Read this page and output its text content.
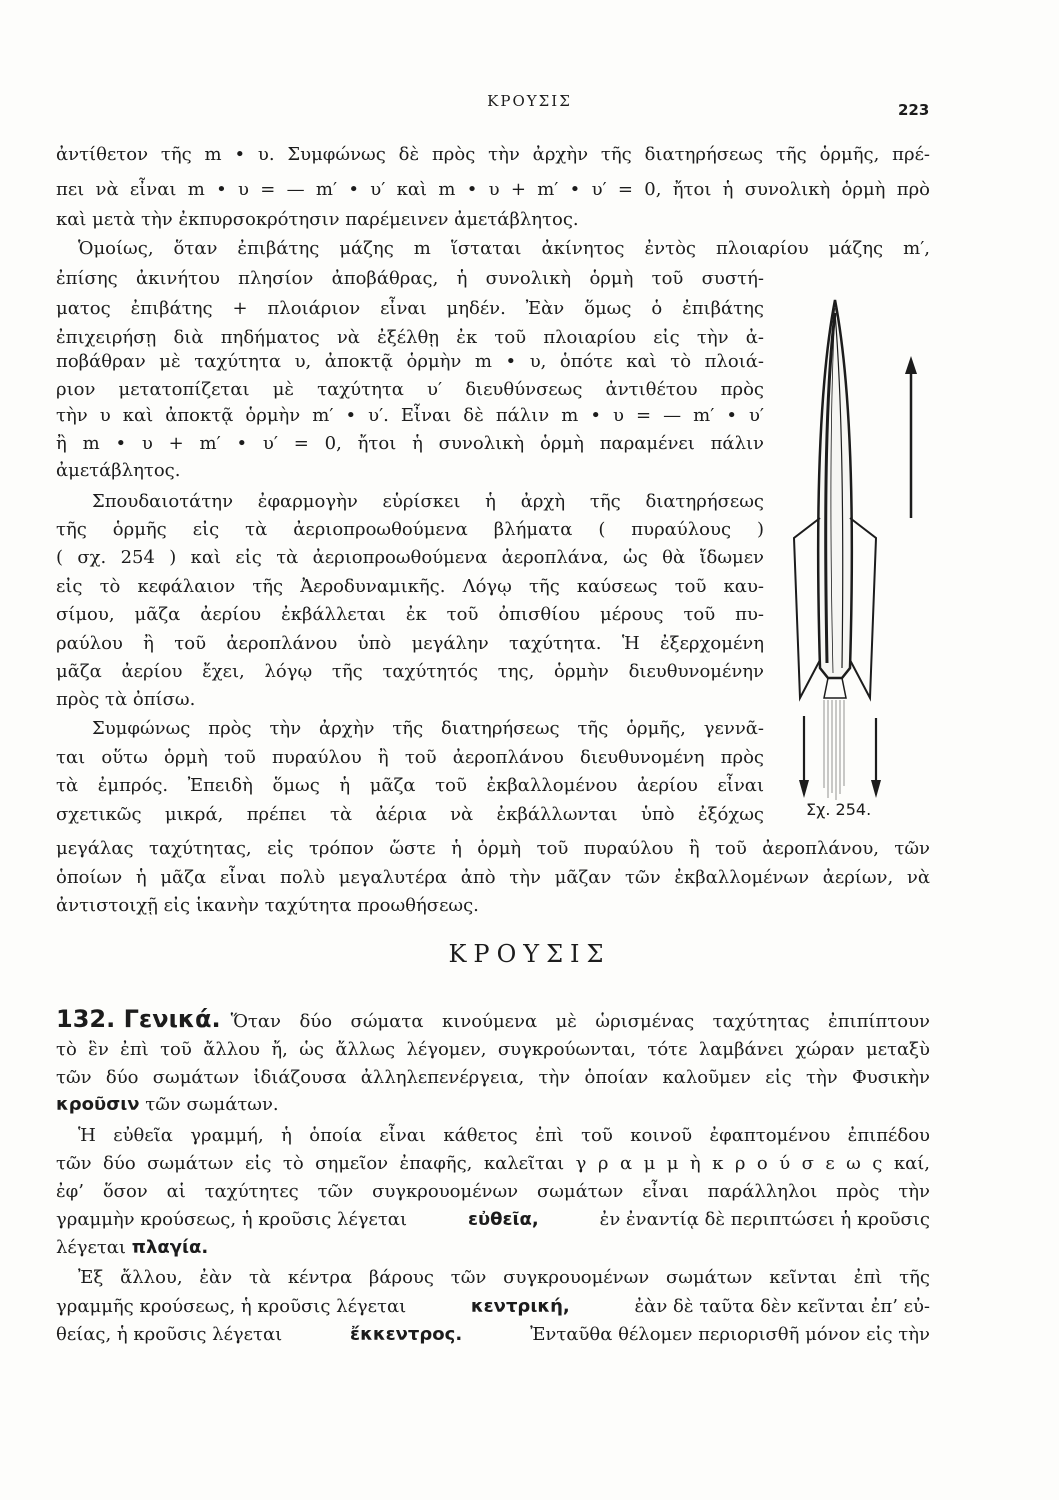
ΚΡΟΥΣΙΣ	223
ἀντίθετον τῆς m • υ. Συμφώνως δὲ πρὸς τὴν ἀρχὴν τῆς διατηρήσεως τῆς ὁρμῆς, πρέ-
πει νὰ εἶναι m • υ = — m′ • υ′ καὶ m • υ + m′ • υ′ = 0, ἤτοι ἡ συνολικὴ ὁρμὴ πρὸ
καὶ μετὰ τὴν ἐκπυρσοκρότησιν παρέμεινεν ἀμετάβλητος.
Ὁμοίως, ὅταν ἐπιβάτης μάζης m ἵσταται ἀκίνητος ἐντὸς πλοιαρίου μάζης m′,
ἐπίσης ἀκινήτου πλησίον ἀποβάθρας, ἡ συνολικὴ ὁρμὴ τοῦ συστή-
ματος ἐπιβάτης + πλοιάριον εἶναι μηδέν. Ἐὰν ὅμως ὁ ἐπιβάτης
ἐπιχειρήσῃ διὰ πηδήματος νὰ ἐξέλθῃ ἐκ τοῦ πλοιαρίου εἰς τὴν ἀ-
ποβάθραν μὲ ταχύτητα υ, ἀποκτᾷ ὁρμὴν m • υ, ὁπότε καὶ τὸ πλοιά-
ριον μετατοπίζεται μὲ ταχύτητα υ′ διευθύνσεως ἀντιθέτου πρὸς
τὴν υ καὶ ἀποκτᾷ ὁρμὴν m′ • υ′. Εἶναι δὲ πάλιν m • υ = — m′ • υ′
ἢ m • υ + m′ • υ′ = 0, ἤτοι ἡ συνολικὴ ὁρμὴ παραμένει πάλιν
ἀμετάβλητος.
Σπουδαιοτάτην ἐφαρμογὴν εὑρίσκει ἡ ἀρχὴ τῆς διατηρήσεως
τῆς ὁρμῆς εἰς τὰ ἀεριοπροωθούμενα βλήματα ( πυραύλους )
( σχ. 254 ) καὶ εἰς τὰ ἀεριοπροωθούμενα ἀεροπλάνα, ὡς θὰ ἴδωμεν
εἰς τὸ κεφάλαιον τῆς Ἀεροδυναμικῆς. Λόγῳ τῆς καύσεως τοῦ καυ-
σίμου, μᾶζα ἀερίου ἐκβάλλεται ἐκ τοῦ ὀπισθίου μέρους τοῦ πυ-
ραύλου ἢ τοῦ ἀεροπλάνου ὑπὸ μεγάλην ταχύτητα. Ἡ ἐξερχομένη
μᾶζα ἀερίου ἔχει, λόγῳ τῆς ταχύτητός της, ὁρμὴν διευθυνομένην
πρὸς τὰ ὀπίσω.
Συμφώνως πρὸς τὴν ἀρχὴν τῆς διατηρήσεως τῆς ὁρμῆς, γεννᾶ-
ται οὕτω ὁρμὴ τοῦ πυραύλου ἢ τοῦ ἀεροπλάνου διευθυνομένη πρὸς
τὰ ἐμπρός. Ἐπειδὴ ὅμως ἡ μᾶζα τοῦ ἐκβαλλομένου ἀερίου εἶναι
σχετικῶς μικρά, πρέπει τὰ ἀέρια νὰ ἐκβάλλωνται ὑπὸ ἐξόχως
μεγάλας ταχύτητας, εἰς τρόπον ὥστε ἡ ὁρμὴ τοῦ πυραύλου ἢ τοῦ ἀεροπλάνου, τῶν
ὁποίων ἡ μᾶζα εἶναι πολὺ μεγαλυτέρα ἀπὸ τὴν μᾶζαν τῶν ἐκβαλλομένων ἀερίων, νὰ
ἀντιστοιχῇ εἰς ἱκανὴν ταχύτητα προωθήσεως.
Σχ. 254.
ΚΡΟΥΣΙΣ
132. Γενικά. Ὅταν δύο σώματα κινούμενα μὲ ὡρισμένας ταχύτητας ἐπιπίπτουν
τὸ ἓν ἐπὶ τοῦ ἄλλου ἤ, ὡς ἄλλως λέγομεν, συγκρούωνται, τότε λαμβάνει χώραν μεταξὺ
τῶν δύο σωμάτων ἰδιάζουσα ἀλληλεπενέργεια, τὴν ὁποίαν καλοῦμεν εἰς τὴν Φυσικὴν
κροῦσιν
τῶν σωμάτων.
Ἡ εὐθεῖα γραμμή, ἡ ὁποία εἶναι κάθετος ἐπὶ τοῦ κοινοῦ ἐφαπτομένου ἐπιπέδου
τῶν δύο σωμάτων εἰς τὸ σημεῖον ἐπαφῆς, καλεῖται γ ρ α μ μ ὴ κ ρ ο ύ σ ε ω ς καί,
ἐφ’ ὅσον αἱ ταχύτητες τῶν συγκρουομένων σωμάτων εἶναι παράλληλοι πρὸς τὴν
γραμμὴν κρούσεως, ἡ κροῦσις λέγεται	εὐθεῖα,	ἐν ἐναντίᾳ δὲ περιπτώσει ἡ κροῦσις
λέγεται
πλαγία.
Ἐξ ἄλλου, ἐὰν τὰ κέντρα βάρους τῶν συγκρουομένων σωμάτων κεῖνται ἐπὶ τῆς
γραμμῆς κρούσεως, ἡ κροῦσις λέγεται	κεντρική,	ἐὰν δὲ ταῦτα δὲν κεῖνται ἐπ’ εὐ-
θείας, ἡ κροῦσις λέγεται	ἔκκεντρος.	Ἐνταῦθα θέλομεν περιορισθῆ μόνον εἰς τὴν
